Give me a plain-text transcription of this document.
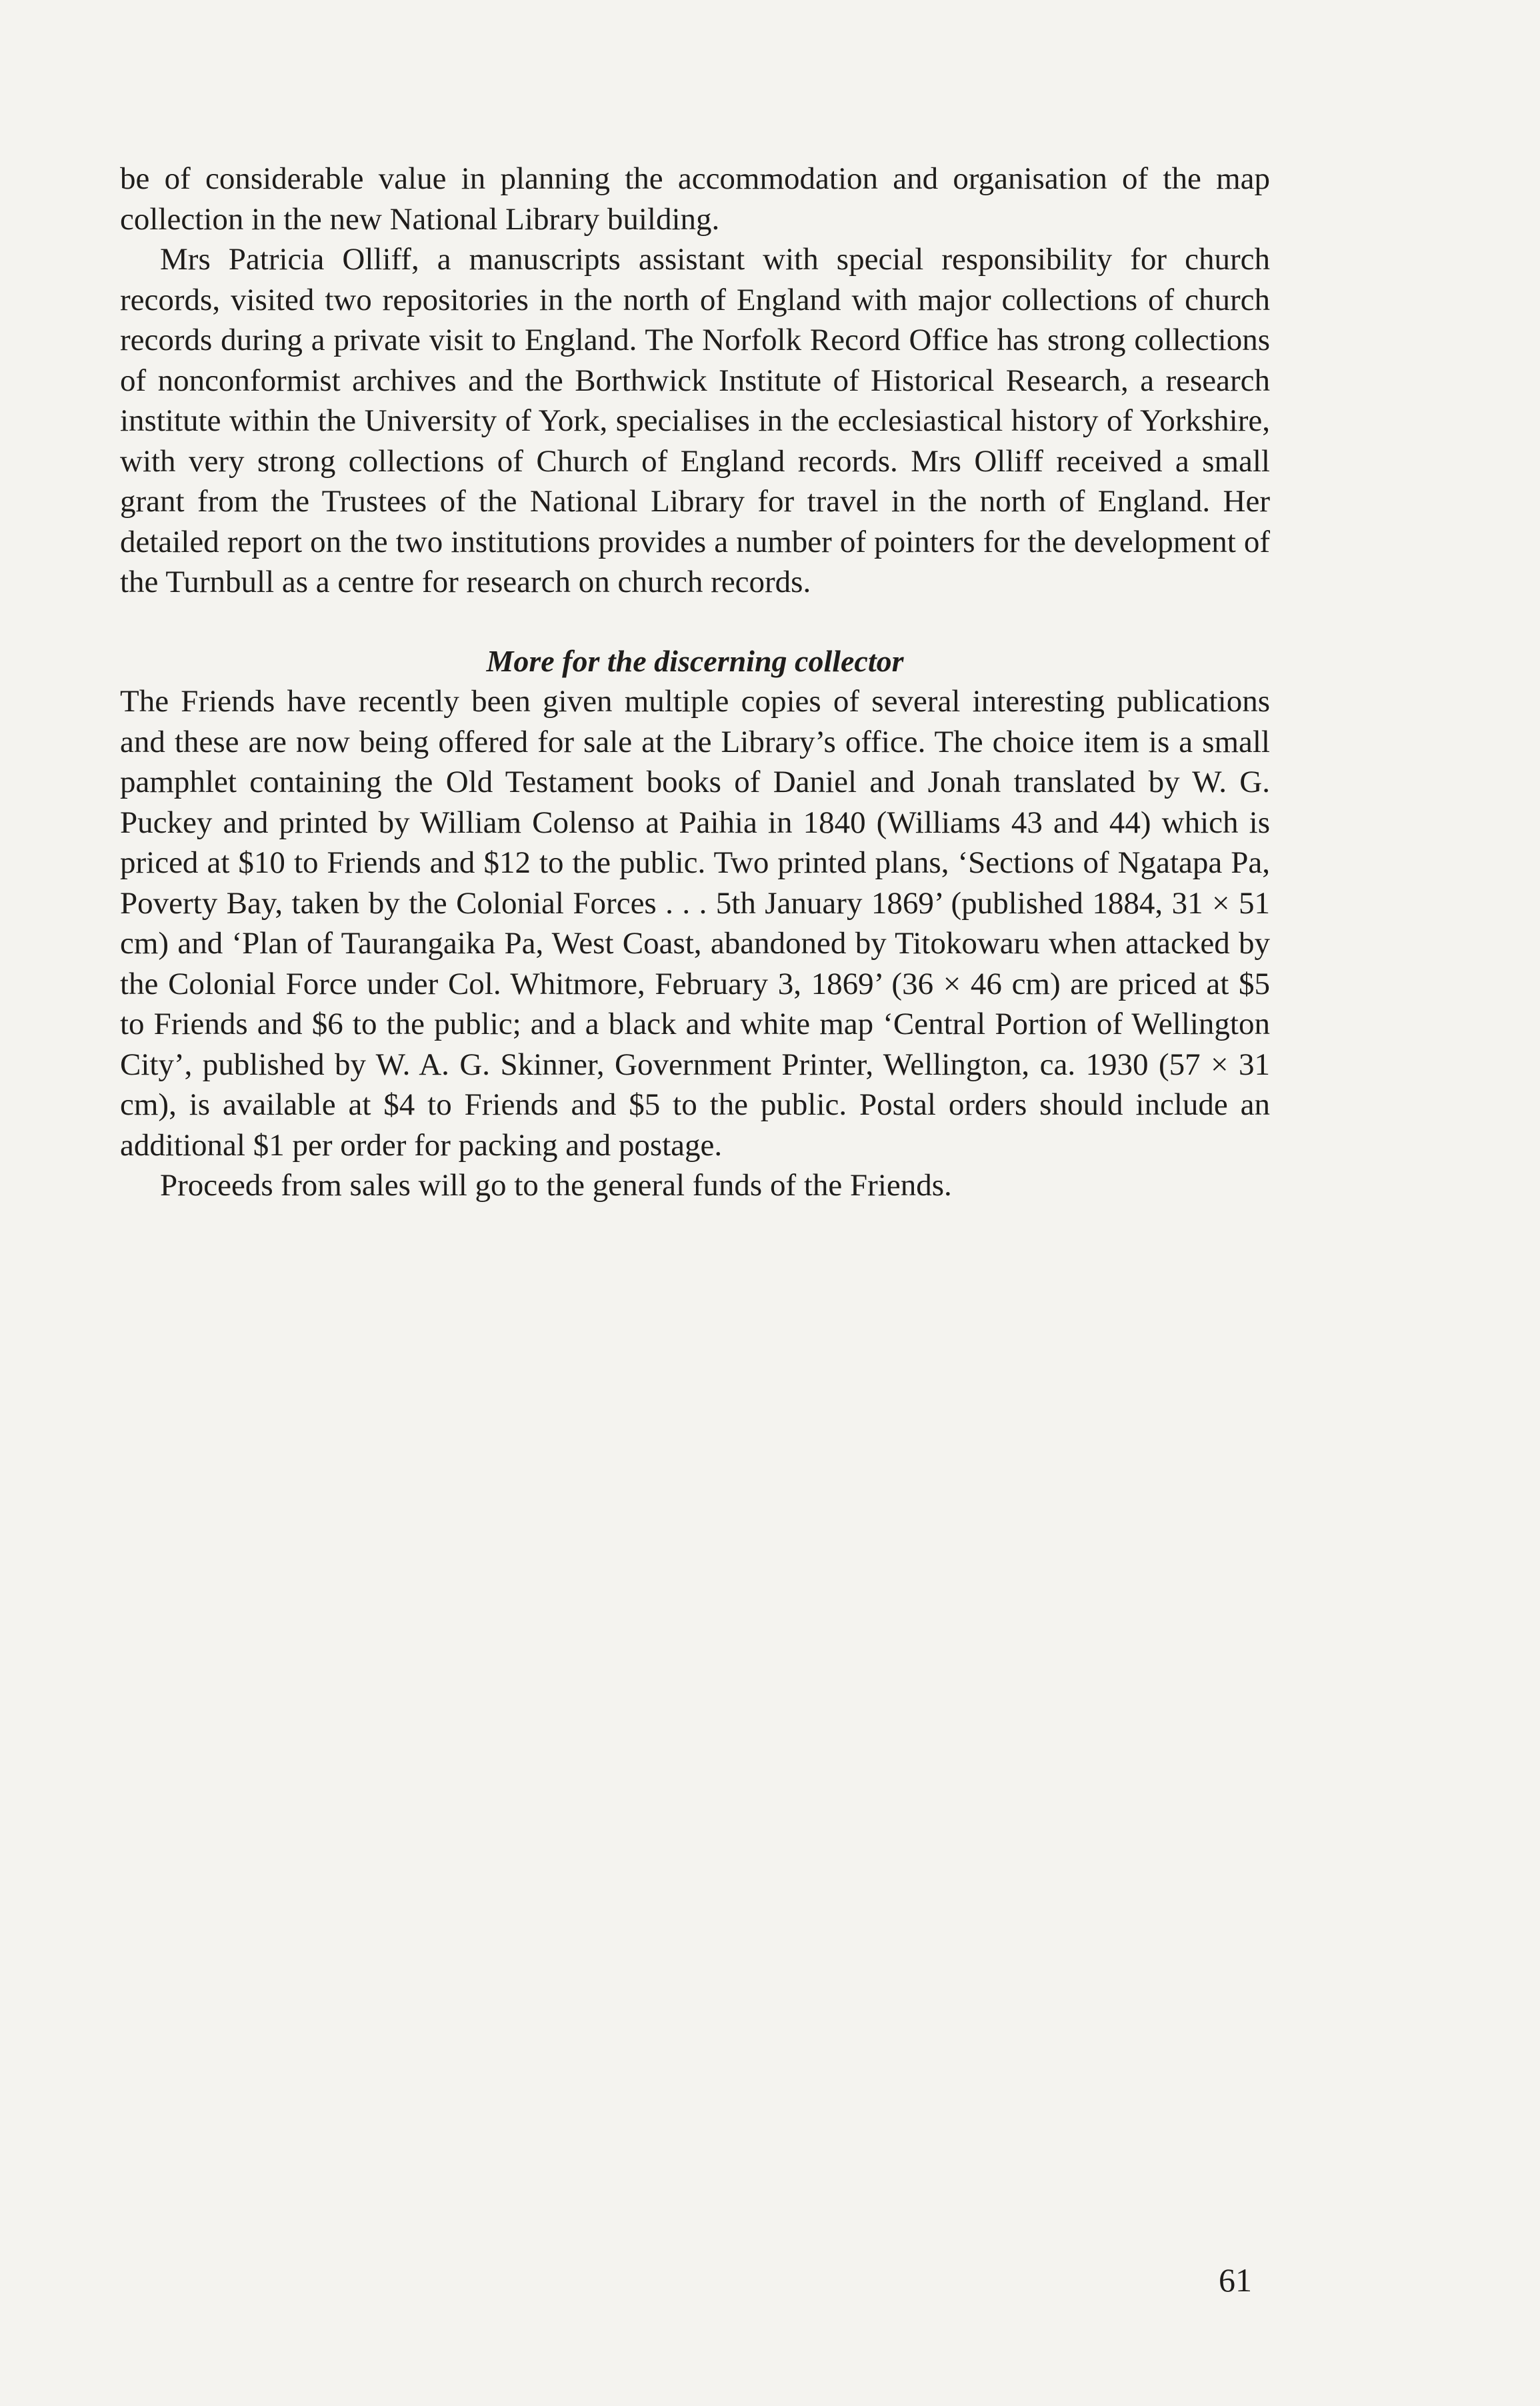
be of considerable value in planning the accommodation and organisation of the map collection in the new National Library building.

Mrs Patricia Olliff, a manuscripts assistant with special responsibility for church records, visited two repositories in the north of England with major collections of church records during a private visit to England. The Norfolk Record Office has strong collections of nonconformist archives and the Borthwick Institute of Historical Research, a research institute within the University of York, specialises in the ecclesiastical history of Yorkshire, with very strong collections of Church of England records. Mrs Olliff received a small grant from the Trustees of the National Library for travel in the north of England. Her detailed report on the two institutions provides a number of pointers for the development of the Turnbull as a centre for research on church records.

More for the discerning collector

The Friends have recently been given multiple copies of several interesting publications and these are now being offered for sale at the Library’s office. The choice item is a small pamphlet containing the Old Testament books of Daniel and Jonah translated by W. G. Puckey and printed by William Colenso at Paihia in 1840 (Williams 43 and 44) which is priced at $10 to Friends and $12 to the public. Two printed plans, ‘Sections of Ngatapa Pa, Poverty Bay, taken by the Colonial Forces . . . 5th January 1869’ (published 1884, 31 × 51 cm) and ‘Plan of Taurangaika Pa, West Coast, abandoned by Titokowaru when attacked by the Colonial Force under Col. Whitmore, February 3, 1869’ (36 × 46 cm) are priced at $5 to Friends and $6 to the public; and a black and white map ‘Central Portion of Wellington City’, published by W. A. G. Skinner, Government Printer, Wellington, ca. 1930 (57 × 31 cm), is available at $4 to Friends and $5 to the public. Postal orders should include an additional $1 per order for packing and postage.

Proceeds from sales will go to the general funds of the Friends.

61
